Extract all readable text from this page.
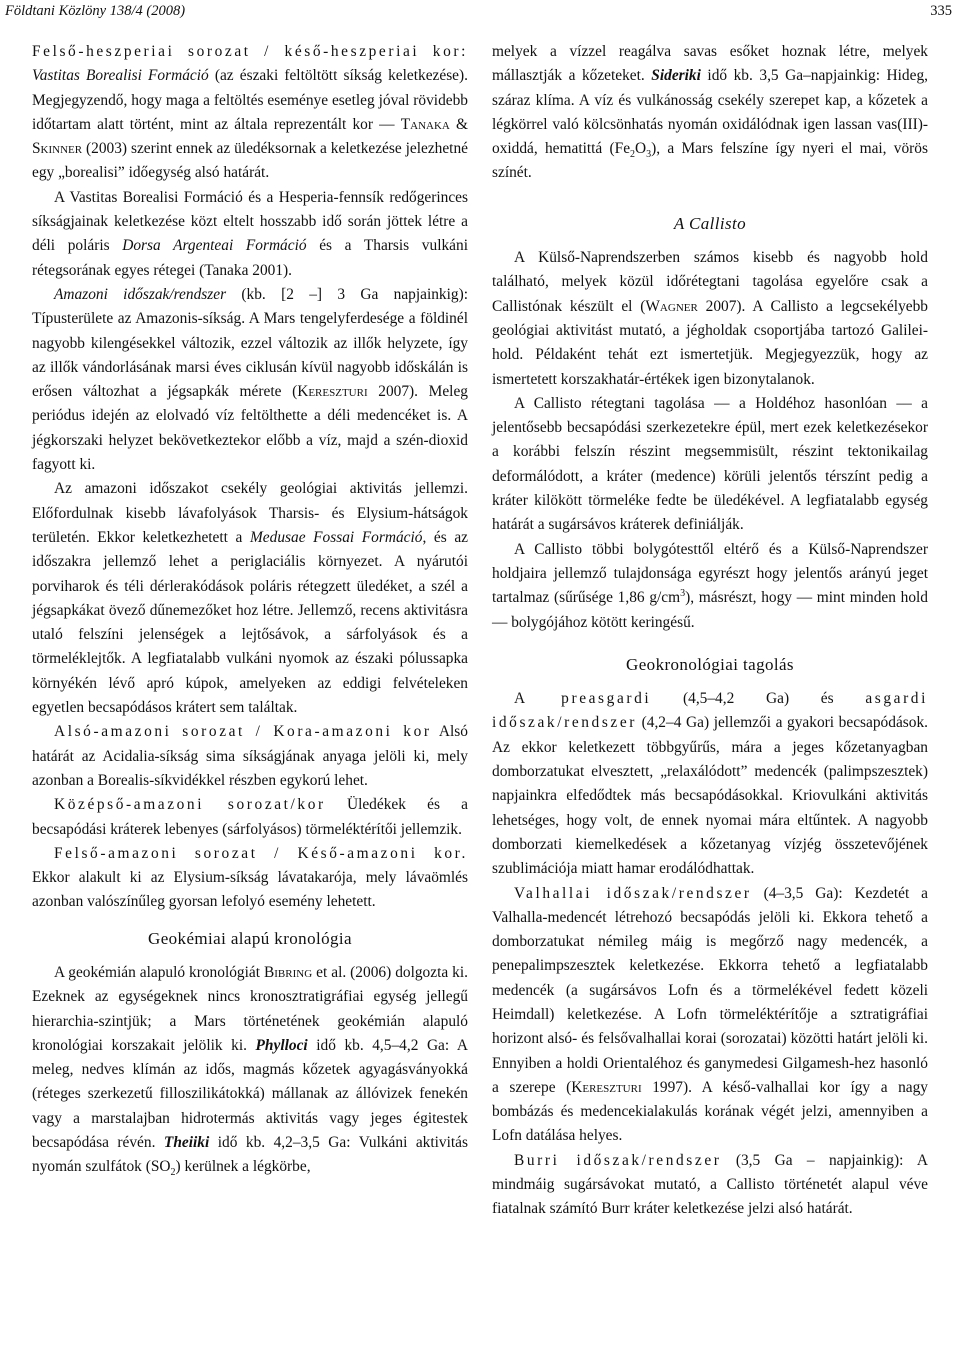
Földtani Közlöny 138/4 (2008)	335

Felső-heszperiai sorozat / késő-heszperiai kor: Vastitas Borealisi Formáció (az északi feltöltött síkság keletkezése). Megjegyzendő, hogy maga a feltöltés eseménye esetleg jóval rövidebb időtartam alatt történt, mint az általa reprezentált kor — Tanaka & Skinner (2003) szerint ennek az üledéksornak a keletkezése jelezhetné egy „borealisi” időegység alsó határát.

A Vastitas Borealisi Formáció és a Hesperia-fennsík redőgerinces síkságjainak keletkezése közt eltelt hosszabb idő során jöttek létre a déli poláris Dorsa Argenteai Formáció és a Tharsis vulkáni rétegsorának egyes rétegei (Tanaka 2001).

Amazoni időszak/rendszer (kb. [2 –] 3 Ga napjainkig): Típusterülete az Amazonis-síkság. A Mars tengelyferdesége a földinél nagyobb kilengésekkel változik, ezzel változik az illők helyzete, így az illők vándorlásának marsi éves ciklusán kívül nagyobb időskálán is erősen változhat a jégsapkák mérete (Kereszturi 2007). Meleg periódus idején az elolvadó víz feltölthette a déli medencéket is. A jégkorszaki helyzet bekövetkeztekor előbb a víz, majd a szén-dioxid fagyott ki.

Az amazoni időszakot csekély geológiai aktivitás jellemzi. Előfordulnak kisebb lávafolyások Tharsis- és Elysium-hátságok területén. Ekkor keletkezhetett a Medusae Fossai Formáció, és az időszakra jellemző lehet a periglaciális környezet. A nyárutói porviharok és téli dérlerakódások poláris rétegzett üledéket, a szél a jégsapkákat övező dűnemezőket hoz létre. Jellemző, recens aktivitásra utaló felszíni jelenségek a lejtősávok, a sárfolyások és a törmeléklejtők. A legfiatalabb vulkáni nyomok az északi pólussapka környékén lévő apró kúpok, amelyeken az eddigi felvételeken egyetlen becsapódásos krátert sem találtak.

Alsó-amazoni sorozat / Kora-amazoni kor Alsó határát az Acidalia-síkság sima síkságjának anyaga jelöli ki, mely azonban a Borealis-síkvidékkel részben egykorú lehet.

Középső-amazoni sorozat/kor Üledékek és a becsapódási kráterek lebenyes (sárfolyásos) törmeléktérítői jellemzik.

Felső-amazoni sorozat / Késő-amazoni kor. Ekkor alakult ki az Elysium-síkság lávatakarója, mely lávaömlés azonban valószínűleg gyorsan lefolyó esemény lehetett.

Geokémiai alapú kronológia

A geokémián alapuló kronológiát Bibring et al. (2006) dolgozta ki. Ezeknek az egységeknek nincs kronosztratigráfiai egység jellegű hierarchia-szintjük; a Mars történetének geokémián alapuló kronológiai korszakait jelölik ki. Phylloci idő kb. 4,5–4,2 Ga: A meleg, nedves klímán az idős, magmás kőzetek agyagásványokká (réteges szerkezetű filloszilikátokká) mállanak az állóvizek fenekén vagy a marstalajban hidrotermás aktivitás vagy jeges égitestek becsapódása révén. Theiiki idő kb. 4,2–3,5 Ga: Vulkáni aktivitás nyomán szulfátok $(SO_2)$ kerülnek a légkörbe,

melyek a vízzel reagálva savas esőket hoznak létre, melyek mállasztják a kőzeteket. Sideriki idő kb. 3,5 Ga–napjainkig: Hideg, száraz klíma. A víz és vulkánosság csekély szerepet kap, a kőzetek a légkörrel való kölcsönhatás nyomán oxidálódnak igen lassan vas(III)-oxiddá, hematittá $(Fe_2O_3)$, a Mars felszíne így nyeri el mai, vörös színét.

A Callisto

A Külső-Naprendszerben számos kisebb és nagyobb hold található, melyek közül időrétegtani tagolása egyelőre csak a Callistónak készült el (Wagner 2007). A Callisto a legcsekélyebb geológiai aktivitást mutató, a jégholdak csoportjába tartozó Galilei-hold. Példaként tehát ezt ismertetjük. Megjegyezzük, hogy az ismertetett korszakhatár-értékek igen bizonytalanok.

A Callisto rétegtani tagolása — a Holdéhoz hasonlóan — a jelentősebb becsapódási szerkezetekre épül, mert ezek keletkezésekor a korábbi felszín részint megsemmisült, részint tektonikailag deformálódott, a kráter (medence) körüli jelentős térszínt pedig a kráter kilökött törmeléke fedte be üledékével. A legfiatalabb egység határát a sugársávos kráterek definiálják.

A Callisto többi bolygótesttől eltérő és a Külső-Naprendszer holdjaira jellemző tulajdonsága egyrészt hogy jelentős arányú jeget tartalmaz (sűrűsége 1,86 $g/cm^3$), másrészt, hogy — mint minden hold — bolygójához kötött keringésű.

Geokronológiai tagolás

A preasgardi (4,5–4,2 Ga) és asgardi időszak/rendszer (4,2–4 Ga) jellemzői a gyakori becsapódások. Az ekkor keletkezett többgyűrűs, mára a jeges kőzetanyagban domborzatukat elvesztett, „relaxálódott” medencék (palimpszesztek) napjainkra elfedődtek más becsapódásokkal. Kriovulkáni aktivitás lehetséges, hogy volt, de ennek nyomai mára eltűntek. A nagyobb domborzati kiemelkedések a kőzetanyag vízjég összetevőjének szublimációja miatt hamar erodálódhattak.

Valhallai időszak/rendszer (4–3,5 Ga): Kezdetét a Valhalla-medencét létrehozó becsapódás jelöli ki. Ekkora tehető a domborzatukat némileg máig is megőrző nagy medencék, a penepalimpszesztek keletkezése. Ekkorra tehető a legfiatalabb medencék (a sugársávos Lofn és a törmelékével fedett közeli Heimdall) keletkezése. A Lofn törmeléktérítője a sztratigráfiai horizont alsó- és felsővalhallai korai (sorozatai) közötti határt jelöli ki. Ennyiben a holdi Orientaléhoz és ganymedesi Gilgamesh-hez hasonló a szerepe (Kereszturi 1997). A késő-valhallai kor így a nagy bombázás és medencekialakulás korának végét jelzi, amennyiben a Lofn datálása helyes.

Burri időszak/rendszer (3,5 Ga – napjainkig): A mindmáig sugársávokat mutató, a Callisto történetét alapul véve fiatalnak számító Burr kráter keletkezése jelzi alsó határát.
